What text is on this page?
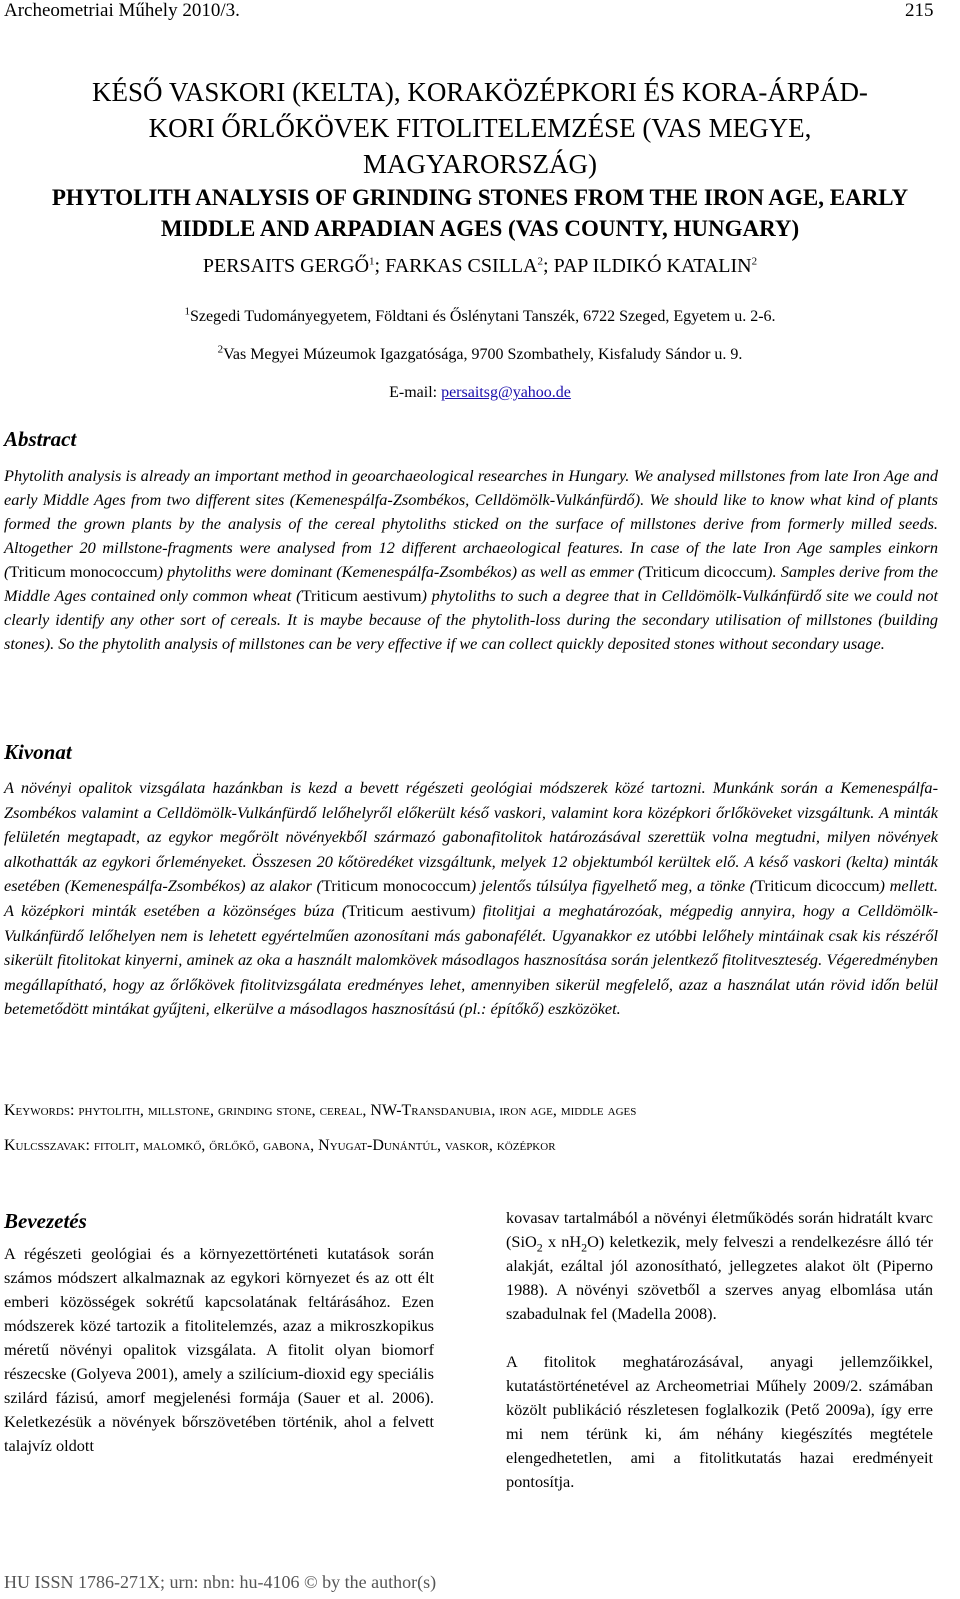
Archeometriai Műhely 2010/3.	215
KÉSŐ VASKORI (KELTA), KORAKÖZÉPKORI ÉS KORA-ÁRPÁD-
KORI ŐRLŐKÖVEK FITOLITELEMZÉSE (VAS MEGYE,
MAGYARORSZÁG)
PHYTOLITH ANALYSIS OF GRINDING STONES FROM THE IRON AGE, EARLY
MIDDLE AND ARPADIAN AGES (VAS COUNTY, HUNGARY)
PERSAITS GERGŐ$^1$; FARKAS CSILLA$^2$; PAP ILDIKÓ KATALIN$^2$
$^1$Szegedi Tudományegyetem, Földtani és Őslénytani Tanszék, 6722 Szeged, Egyetem u. 2-6.
$^2$Vas Megyei Múzeumok Igazgatósága, 9700 Szombathely, Kisfaludy Sándor u. 9.
E-mail: persaitsg@yahoo.de
Abstract
Phytolith analysis is already an important method in geoarchaeological researches in Hungary. We analysed millstones from late Iron Age and early Middle Ages from two different sites (Kemenespálfa-Zsombékos, Celldömölk-Vulkánfürdő). We should like to know what kind of plants formed the grown plants by the analysis of the cereal phytoliths sticked on the surface of millstones derive from formerly milled seeds. Altogether 20 millstone-fragments were analysed from 12 different archaeological features. In case of the late Iron Age samples einkorn (Triticum monococcum) phytoliths were dominant (Kemenespálfa-Zsombékos) as well as emmer (Triticum dicoccum). Samples derive from the Middle Ages contained only common wheat (Triticum aestivum) phytoliths to such a degree that in Celldömölk-Vulkánfürdő site we could not clearly identify any other sort of cereals. It is maybe because of the phytolith-loss during the secondary utilisation of millstones (building stones). So the phytolith analysis of millstones can be very effective if we can collect quickly deposited stones without secondary usage.
Kivonat
A növényi opalitok vizsgálata hazánkban is kezd a bevett régészeti geológiai módszerek közé tartozni. Munkánk során a Kemenespálfa-Zsombékos valamint a Celldömölk-Vulkánfürdő lelőhelyről előkerült késő vaskori, valamint kora középkori őrlőköveket vizsgáltunk. A minták felületén megtapadt, az egykor megőrölt növényekből származó gabonafitolitok határozásával szerettük volna megtudni, milyen növények alkothatták az egykori őrleményeket. Összesen 20 kőtöredéket vizsgáltunk, melyek 12 objektumból kerültek elő. A késő vaskori (kelta) minták esetében (Kemenespálfa-Zsombékos) az alakor (Triticum monococcum) jelentős túlsúlya figyelhető meg, a tönke (Triticum dicoccum) mellett. A középkori minták esetében a közönséges búza (Triticum aestivum) fitolitjai a meghatározóak, mégpedig annyira, hogy a Celldömölk-Vulkánfürdő lelőhelyen nem is lehetett egyértelműen azonosítani más gabonafélét. Ugyanakkor ez utóbbi lelőhely mintáinak csak kis részéről sikerült fitolitokat kinyerni, aminek az oka a használt malomkövek másodlagos hasznosítása során jelentkező fitolitveszteség. Végeredményben megállapítható, hogy az őrlőkövek fitolitvizsgálata eredményes lehet, amennyiben sikerül megfelelő, azaz a használat után rövid időn belül betemetődött mintákat gyűjteni, elkerülve a másodlagos hasznosítású (pl.: építőkő) eszközöket.
Keywords: phytolith, millstone, grinding stone, cereal, NW-Transdanubia, iron age, middle ages
Kulcsszavak: fitolit, malomkő, őrlőkő, gabona, Nyugat-Dunántúl, vaskor, középkor
Bevezetés

A régészeti geológiai és a környezettörténeti kutatások során számos módszert alkalmaznak az egykori környezet és az ott élt emberi közösségek sokrétű kapcsolatának feltárásához. Ezen módszerek közé tartozik a fitolitelemzés, azaz a mikroszkopikus méretű növényi opalitok vizsgálata. A fitolit olyan biomorf részecske (Golyeva 2001), amely a szilícium-dioxid egy speciális szilárd fázisú, amorf megjelenési formája (Sauer et al. 2006). Keletkezésük a növények bőrszövetében történik, ahol a felvett talajvíz oldott

kovasav tartalmából a növényi életműködés során hidratált kvarc (SiO$_2$ x $nH_2O$) keletkezik, mely felveszi a rendelkezésre álló tér alakját, ezáltal jól azonosítható, jellegzetes alakot ölt (Piperno 1988). A növényi szövetből a szerves anyag elbomlása után szabadulnak fel (Madella 2008).

A fitolitok meghatározásával, anyagi jellemzőikkel, kutatástörténetével az Archeometriai Műhely 2009/2. számában közölt publikáció részletesen foglalkozik (Pető 2009a), így erre mi nem térünk ki, ám néhány kiegészítés megtétele elengedhetetlen, ami a fitolitkutatás hazai eredményeit pontosítja.

HU ISSN 1786-271X; urn: nbn: hu-4106 © by the author(s)
